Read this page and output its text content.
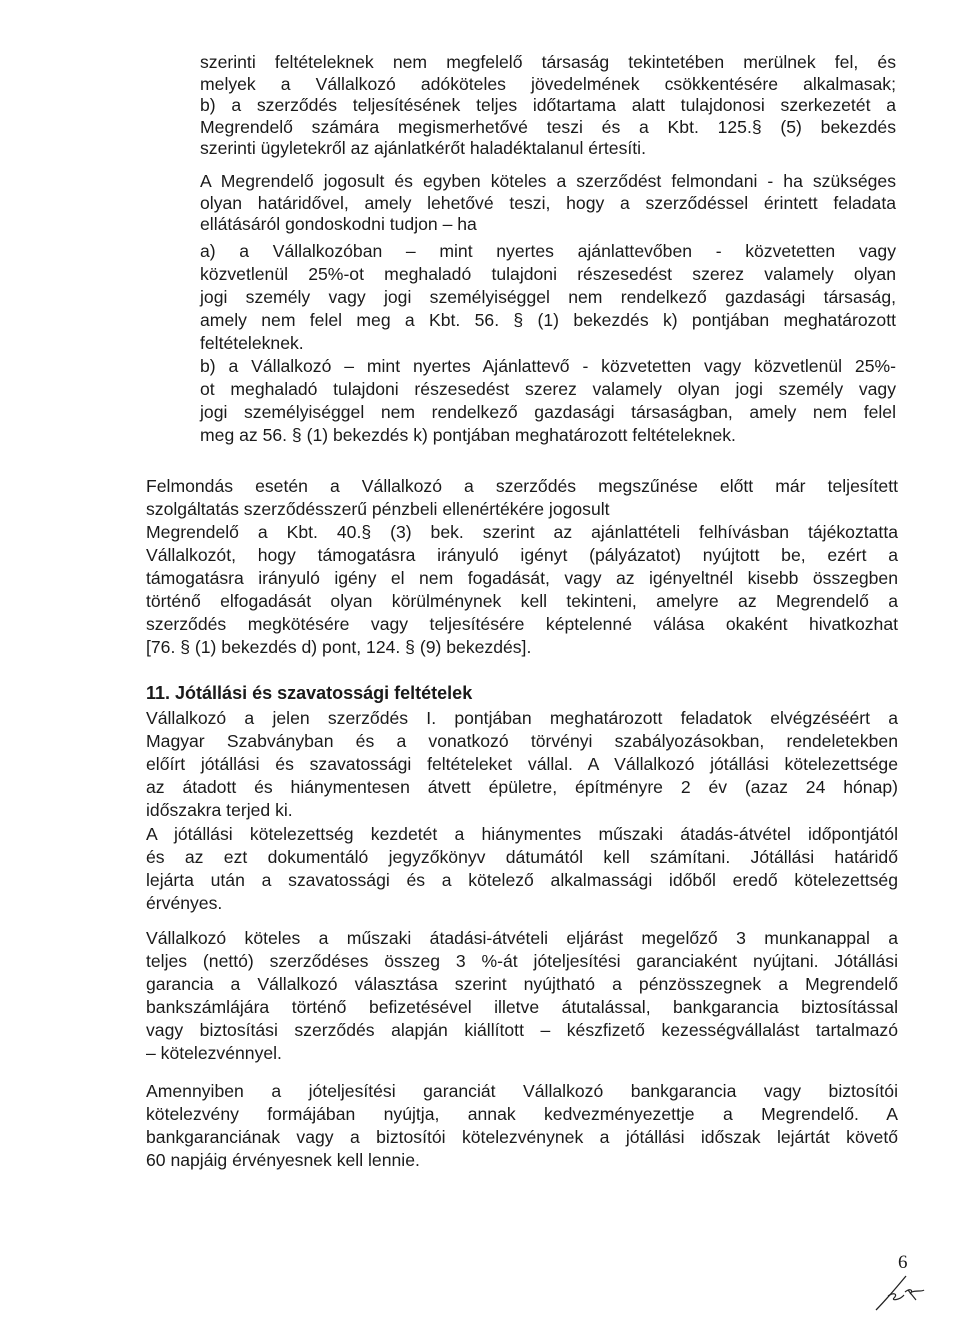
szerinti feltételeknek nem megfelelő társaság tekintetében merülnek fel, és
melyek a Vállalkozó adóköteles jövedelmének csökkentésére alkalmasak;
b) a szerződés teljesítésének teljes időtartama alatt tulajdonosi szerkezetét a
Megrendelő számára megismerhetővé teszi és a Kbt. 125.§ (5) bekezdés
szerinti ügyletekről az ajánlatkérőt haladéktalanul értesíti.
A Megrendelő jogosult és egyben köteles a szerződést felmondani - ha szükséges
olyan határidővel, amely lehetővé teszi, hogy a szerződéssel érintett feladata
ellátásáról gondoskodni tudjon – ha
a) a Vállalkozóban – mint nyertes ajánlattevőben - közvetetten vagy
közvetlenül 25%-ot meghaladó tulajdoni részesedést szerez valamely olyan
jogi személy vagy jogi személyiséggel nem rendelkező gazdasági társaság,
amely nem felel meg a Kbt. 56. § (1) bekezdés k) pontjában meghatározott
feltételeknek.
b) a Vállalkozó – mint nyertes Ajánlattevő - közvetetten vagy közvetlenül 25%-
ot meghaladó tulajdoni részesedést szerez valamely olyan jogi személy vagy
jogi személyiséggel nem rendelkező gazdasági társaságban, amely nem felel
meg az 56. § (1) bekezdés k) pontjában meghatározott feltételeknek.
Felmondás esetén a Vállalkozó a szerződés megszűnése előtt már teljesített
szolgáltatás szerződésszerű pénzbeli ellenértékére jogosult
Megrendelő a Kbt. 40.§ (3) bek. szerint az ajánlattételi felhívásban tájékoztatta
Vállalkozót, hogy támogatásra irányuló igényt (pályázatot) nyújtott be, ezért a
támogatásra irányuló igény el nem fogadását, vagy az igényeltnél kisebb összegben
történő elfogadását olyan körülménynek kell tekinteni, amelyre az Megrendelő a
szerződés megkötésére vagy teljesítésére képtelenné válása okaként hivatkozhat
[76. § (1) bekezdés d) pont, 124. § (9) bekezdés].
11. Jótállási és szavatossági feltételek
Vállalkozó a jelen szerződés I. pontjában meghatározott feladatok elvégzéséért a
Magyar Szabványban és a vonatkozó törvényi szabályozásokban, rendeletekben
előírt jótállási és szavatossági feltételeket vállal. A Vállalkozó jótállási kötelezettsége
az átadott és hiánymentesen átvett épületre, építményre 2 év (azaz 24 hónap)
időszakra terjed ki.
A jótállási kötelezettség kezdetét a hiánymentes műszaki átadás-átvétel időpontjától
és az ezt dokumentáló jegyzőkönyv dátumától kell számítani. Jótállási határidő
lejárta után a szavatossági és a kötelező alkalmassági időből eredő kötelezettség
érvényes.
Vállalkozó köteles a műszaki átadási-átvételi eljárást megelőző 3 munkanappal a
teljes (nettó) szerződéses összeg 3 %-át jóteljesítési garanciaként nyújtani. Jótállási
garancia a Vállalkozó választása szerint nyújtható a pénzösszegnek a Megrendelő
bankszámlájára történő befizetésével illetve átutalással, bankgarancia biztosítással
vagy biztosítási szerződés alapján kiállított – készfizető kezességvállalást tartalmazó
– kötelezvénnyel.
Amennyiben a jóteljesítési garanciát Vállalkozó bankgarancia vagy biztosítói
kötelezvény formájában nyújtja, annak kedvezményezettje a Megrendelő. A
bankgaranciának vagy a biztosítói kötelezvénynek a jótállási időszak lejártát követő
60 napjáig érvényesnek kell lennie.
6
